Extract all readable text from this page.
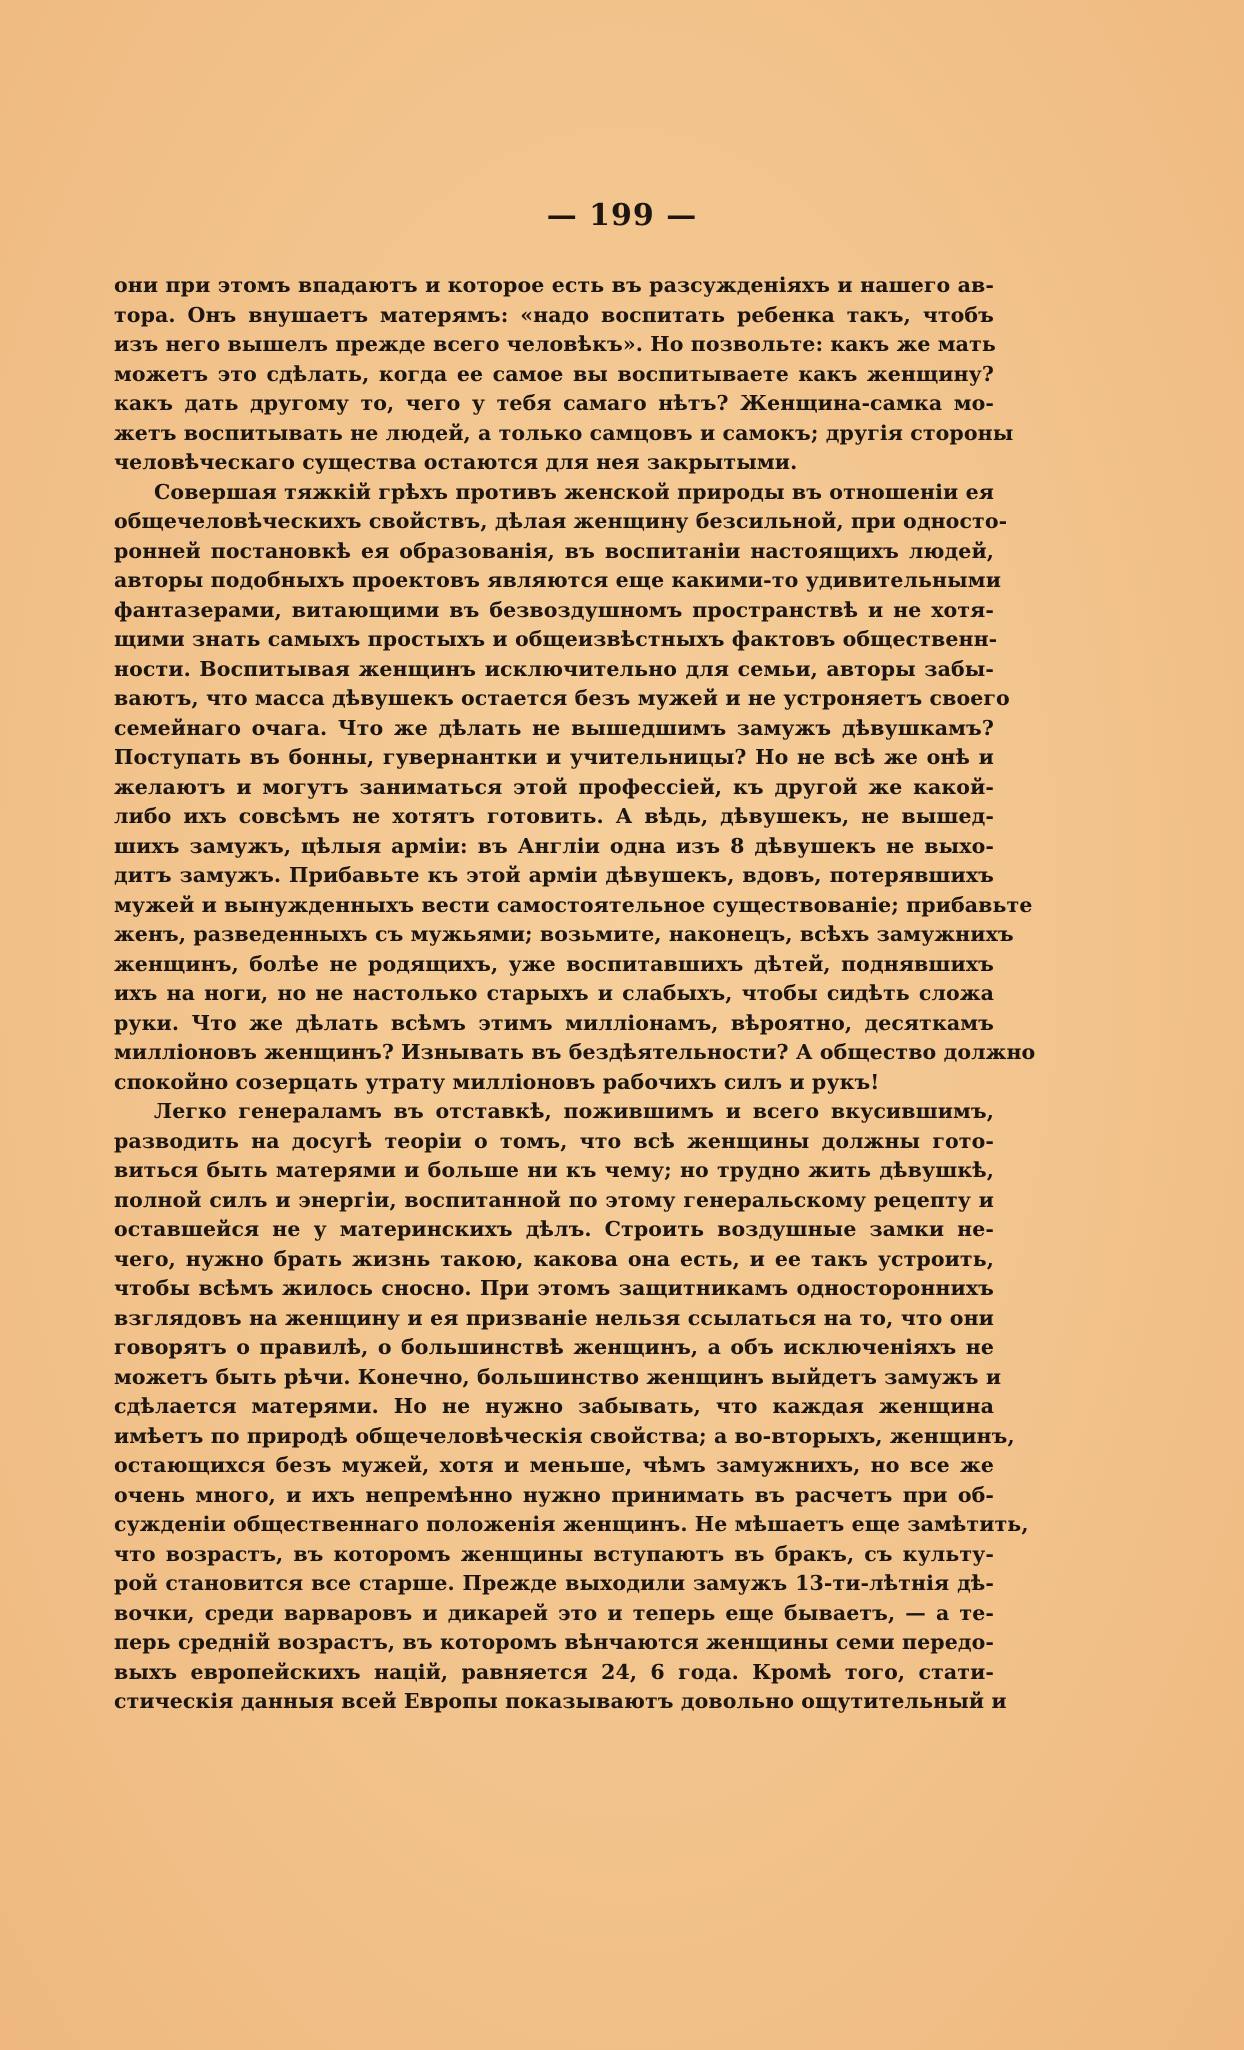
— 199 —
они при этомъ впадаютъ и которое есть въ разсужденіяхъ и нашего ав-
тора. Онъ внушаетъ матерямъ: «надо воспитать ребенка такъ, чтобъ
изъ него вышелъ прежде всего человѣкъ». Но позвольте: какъ же мать
можетъ это сдѣлать, когда ее самое вы воспитываете какъ женщину?
какъ дать другому то, чего у тебя самаго нѣтъ? Женщина-самка мо-
жетъ воспитывать не людей, а только самцовъ и самокъ; другія стороны
человѣческаго существа остаются для нея закрытыми.
Совершая тяжкій грѣхъ противъ женской природы въ отношеніи ея
общечеловѣческихъ свойствъ, дѣлая женщину безсильной, при односто-
ронней постановкѣ ея образованія, въ воспитаніи настоящихъ людей,
авторы подобныхъ проектовъ являются еще какими-то удивительными
фантазерами, витающими въ безвоздушномъ пространствѣ и не хотя-
щими знать самыхъ простыхъ и общеизвѣстныхъ фактовъ общественн-
ности. Воспитывая женщинъ исключительно для семьи, авторы забы-
ваютъ, что масса дѣвушекъ остается безъ мужей и не устроняетъ своего
семейнаго очага. Что же дѣлать не вышедшимъ замужъ дѣвушкамъ?
Поступать въ бонны, гувернантки и учительницы? Но не всѣ же онѣ и
желаютъ и могутъ заниматься этой профессіей, къ другой же какой-
либо ихъ совсѣмъ не хотятъ готовить. А вѣдь, дѣвушекъ, не вышед-
шихъ замужъ, цѣлыя арміи: въ Англіи одна изъ 8 дѣвушекъ не выхо-
дитъ замужъ. Прибавьте къ этой арміи дѣвушекъ, вдовъ, потерявшихъ
мужей и вынужденныхъ вести самостоятельное существованіе; прибавьте
женъ, разведенныхъ съ мужьями; возьмите, наконецъ, всѣхъ замужнихъ
женщинъ, болѣе не родящихъ, уже воспитавшихъ дѣтей, поднявшихъ
ихъ на ноги, но не настолько старыхъ и слабыхъ, чтобы сидѣть сложа
руки. Что же дѣлать всѣмъ этимъ милліонамъ, вѣроятно, десяткамъ
милліоновъ женщинъ? Изнывать въ бездѣятельности? А общество должно
спокойно созерцать утрату милліоновъ рабочихъ силъ и рукъ!
Легко генераламъ въ отставкѣ, пожившимъ и всего вкусившимъ,
разводить на досугѣ теоріи о томъ, что всѣ женщины должны гото-
виться быть матерями и больше ни къ чему; но трудно жить дѣвушкѣ,
полной силъ и энергіи, воспитанной по этому генеральскому рецепту и
оставшейся не у материнскихъ дѣлъ. Строить воздушные замки не-
чего, нужно брать жизнь такою, какова она есть, и ее такъ устроить,
чтобы всѣмъ жилось сносно. При этомъ защитникамъ одностороннихъ
взглядовъ на женщину и ея призваніе нельзя ссылаться на то, что они
говорятъ о правилѣ, о большинствѣ женщинъ, а объ исключеніяхъ не
можетъ быть рѣчи. Конечно, большинство женщинъ выйдетъ замужъ и
сдѣлается матерями. Но не нужно забывать, что каждая женщина
имѣетъ по природѣ общечеловѣческія свойства; а во-вторыхъ, женщинъ,
остающихся безъ мужей, хотя и меньше, чѣмъ замужнихъ, но все же
очень много, и ихъ непремѣнно нужно принимать въ расчетъ при об-
сужденіи общественнаго положенія женщинъ. Не мѣшаетъ еще замѣтить,
что возрастъ, въ которомъ женщины вступаютъ въ бракъ, съ культу-
рой становится все старше. Прежде выходили замужъ 13-ти-лѣтнія дѣ-
вочки, среди варваровъ и дикарей это и теперь еще бываетъ, — а те-
перь средній возрастъ, въ которомъ вѣнчаются женщины семи передо-
выхъ европейскихъ націй, равняется 24, 6 года. Кромѣ того, стати-
стическія данныя всей Европы показываютъ довольно ощутительный и
